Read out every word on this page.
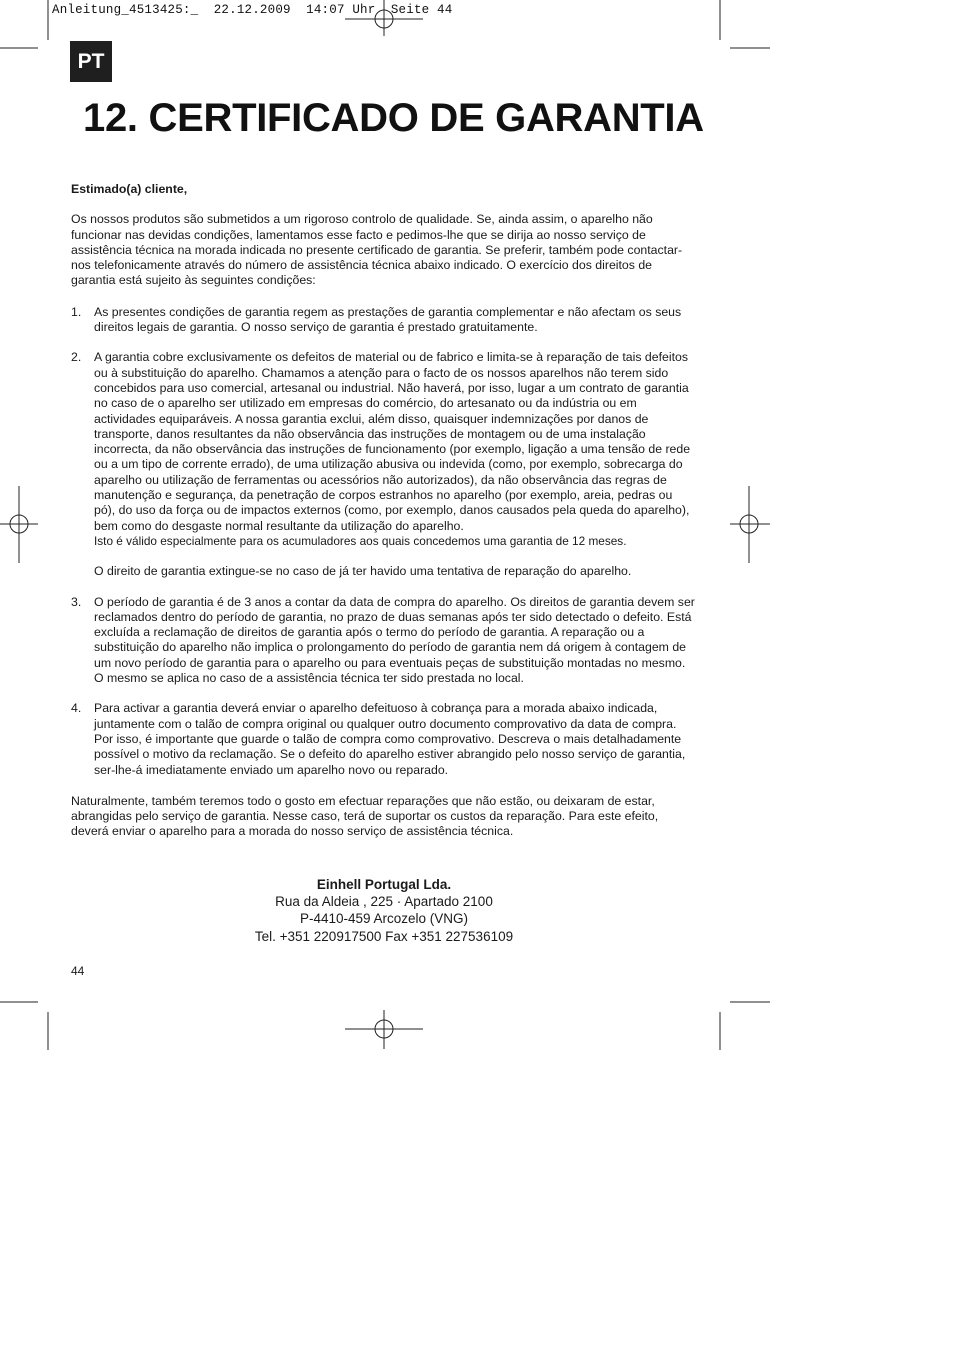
Anleitung_4513425:_  22.12.2009  14:07 Uhr  Seite 44
PT
12. CERTIFICADO DE GARANTIA

Estimado(a) cliente,

Os nossos produtos são submetidos a um rigoroso controlo de qualidade. Se, ainda assim, o aparelho não funcionar nas devidas condições, lamentamos esse facto e pedimos-lhe que se dirija ao nosso serviço de assistência técnica na morada indicada no presente certificado de garantia. Se preferir, também pode contactar-nos telefonicamente através do número de assistência técnica abaixo indicado. O exercício dos direitos de garantia está sujeito às seguintes condições:

1. As presentes condições de garantia regem as prestações de garantia complementar e não afectam os seus direitos legais de garantia. O nosso serviço de garantia é prestado gratuitamente.

2. A garantia cobre exclusivamente os defeitos de material ou de fabrico e limita-se à reparação de tais defeitos ou à substituição do aparelho. Chamamos a atenção para o facto de os nossos aparelhos não terem sido concebidos para uso comercial, artesanal ou industrial. Não haverá, por isso, lugar a um contrato de garantia no caso de o aparelho ser utilizado em empresas do comércio, do artesanato ou da indústria ou em actividades equiparáveis. A nossa garantia exclui, além disso, quaisquer indemnizações por danos de transporte, danos resultantes da não observância das instruções de montagem ou de uma instalação incorrecta, da não observância das instruções de funcionamento (por exemplo, ligação a uma tensão de rede ou a um tipo de corrente errado), de uma utilização abusiva ou indevida (como, por exemplo, sobrecarga do aparelho ou utilização de ferramentas ou acessórios não autorizados), da não observância das regras de manutenção e segurança, da penetração de corpos estranhos no aparelho (por exemplo, areia, pedras ou pó), do uso da força ou de impactos externos (como, por exemplo, danos causados pela queda do aparelho), bem como do desgaste normal resultante da utilização do aparelho.

Isto é válido especialmente para os acumuladores aos quais concedemos uma garantia de 12 meses.

O direito de garantia extingue-se no caso de já ter havido uma tentativa de reparação do aparelho.

3. O período de garantia é de 3 anos a contar da data de compra do aparelho. Os direitos de garantia devem ser reclamados dentro do período de garantia, no prazo de duas semanas após ter sido detectado o defeito. Está excluída a reclamação de direitos de garantia após o termo do período de garantia. A reparação ou a substituição do aparelho não implica o prolongamento do período de garantia nem dá origem à contagem de um novo período de garantia para o aparelho ou para eventuais peças de substituição montadas no mesmo. O mesmo se aplica no caso de a assistência técnica ter sido prestada no local.

4. Para activar a garantia deverá enviar o aparelho defeituoso à cobrança para a morada abaixo indicada, juntamente com o talão de compra original ou qualquer outro documento comprovativo da data de compra. Por isso, é importante que guarde o talão de compra como comprovativo. Descreva o mais detalhadamente possível o motivo da reclamação. Se o defeito do aparelho estiver abrangido pelo nosso serviço de garantia, ser-lhe-á imediatamente enviado um aparelho novo ou reparado.

Naturalmente, também teremos todo o gosto em efectuar reparações que não estão, ou deixaram de estar, abrangidas pelo serviço de garantia. Nesse caso, terá de suportar os custos da reparação. Para este efeito, deverá enviar o aparelho para a morada do nosso serviço de assistência técnica.

Einhell Portugal Lda.
Rua da Aldeia , 225 · Apartado 2100
P-4410-459 Arcozelo (VNG)
Tel. +351 220917500 Fax +351 227536109
44
